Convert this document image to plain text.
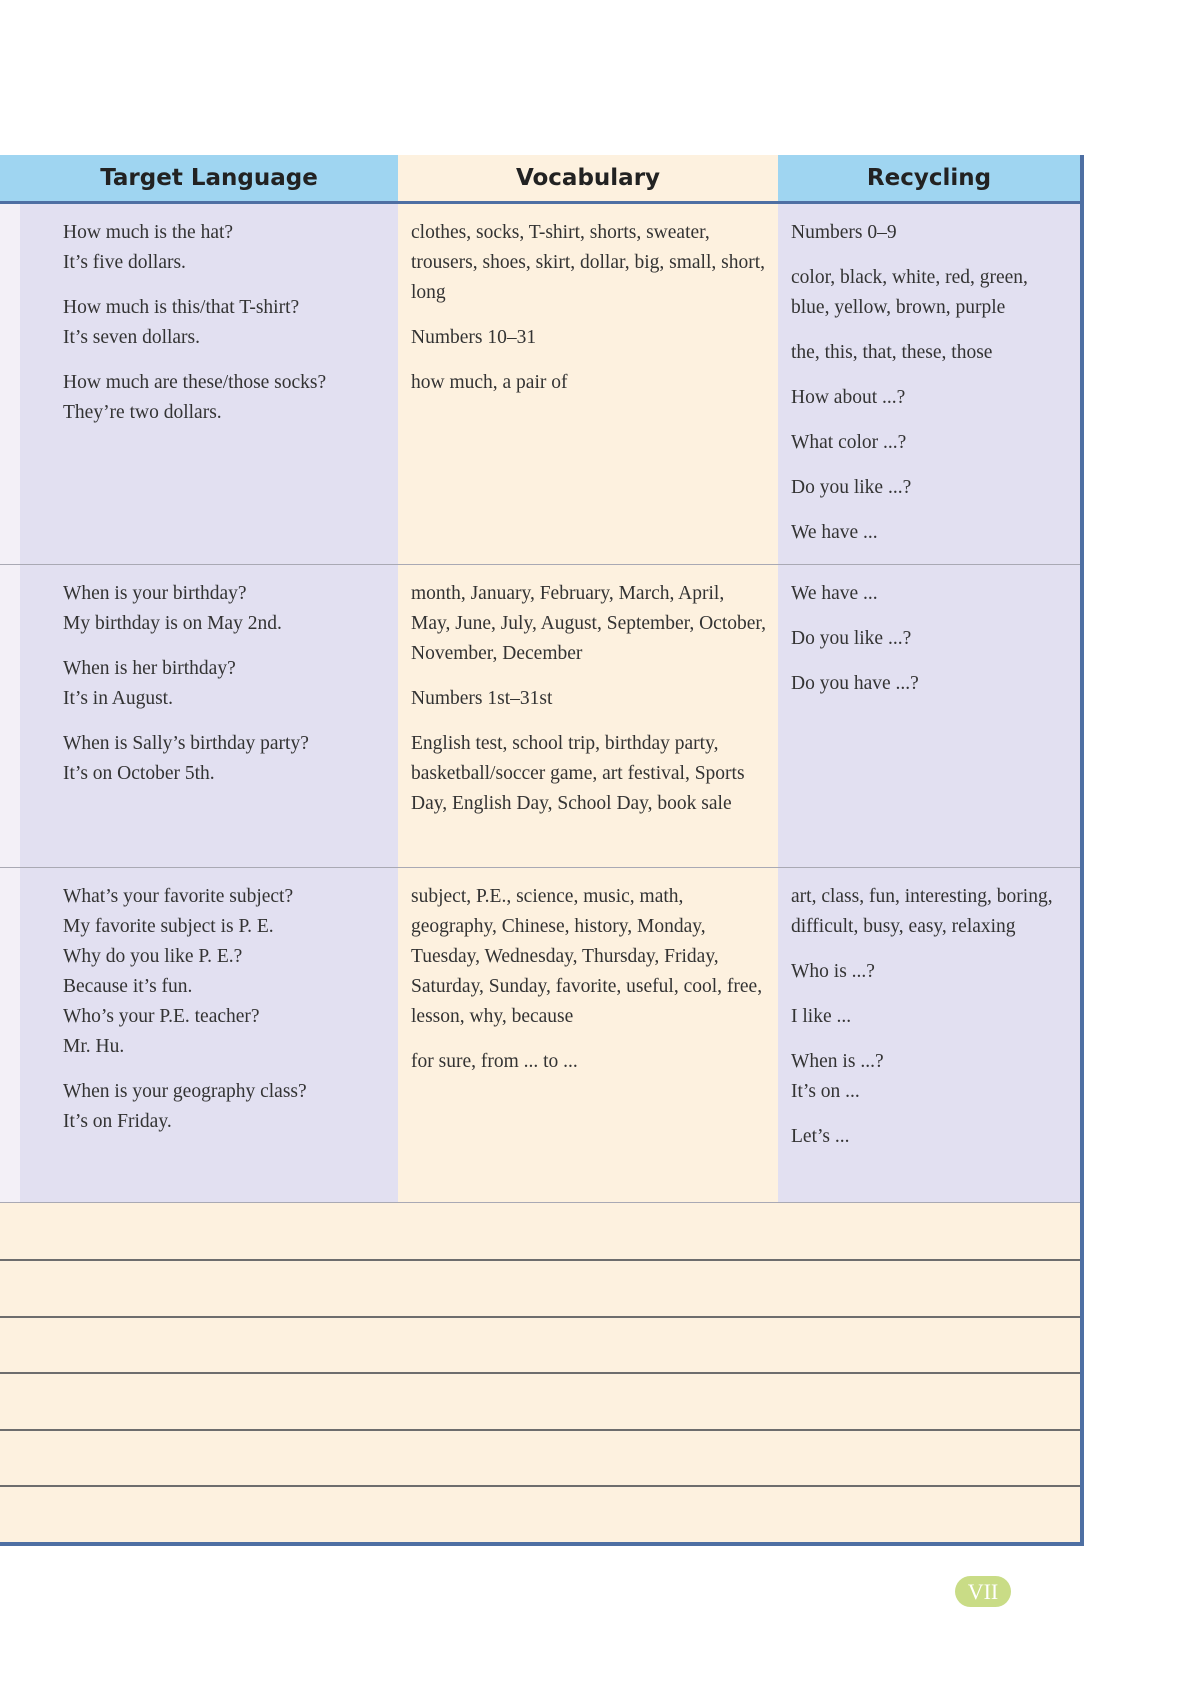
Target Language	Vocabulary	Recycling

How much is the hat?
It’s five dollars.

How much is this/that T-shirt?
It’s seven dollars.

How much are these/those socks?
They’re two dollars.

clothes, socks, T-shirt, shorts, sweater, trousers, shoes, skirt, dollar, big, small, short, long

Numbers 10–31

how much, a pair of

Numbers 0–9

color, black, white, red, green, blue, yellow, brown, purple

the, this, that, these, those

How about ...?

What color ...?

Do you like ...?

We have ...

When is your birthday?
My birthday is on May 2nd.

When is her birthday?
It’s in August.

When is Sally’s birthday party?
It’s on October 5th.

month, January, February, March, April, May, June, July, August, September, October, November, December

Numbers 1st–31st

English test, school trip, birthday party, basketball/soccer game, art festival, Sports Day, English Day, School Day, book sale

We have ...

Do you like ...?

Do you have ...?

What’s your favorite subject?
My favorite subject is P. E.
Why do you like P. E.?
Because it’s fun.
Who’s your P.E. teacher?
Mr. Hu.

When is your geography class?
It’s on Friday.

subject, P.E., science, music, math, geography, Chinese, history, Monday, Tuesday, Wednesday, Thursday, Friday, Saturday, Sunday, favorite, useful, cool, free, lesson, why, because

for sure, from ... to ...

art, class, fun, interesting, boring, difficult, busy, easy, relaxing

Who is ...?

I like ...

When is ...?
It’s on ...

Let’s ...

VII
